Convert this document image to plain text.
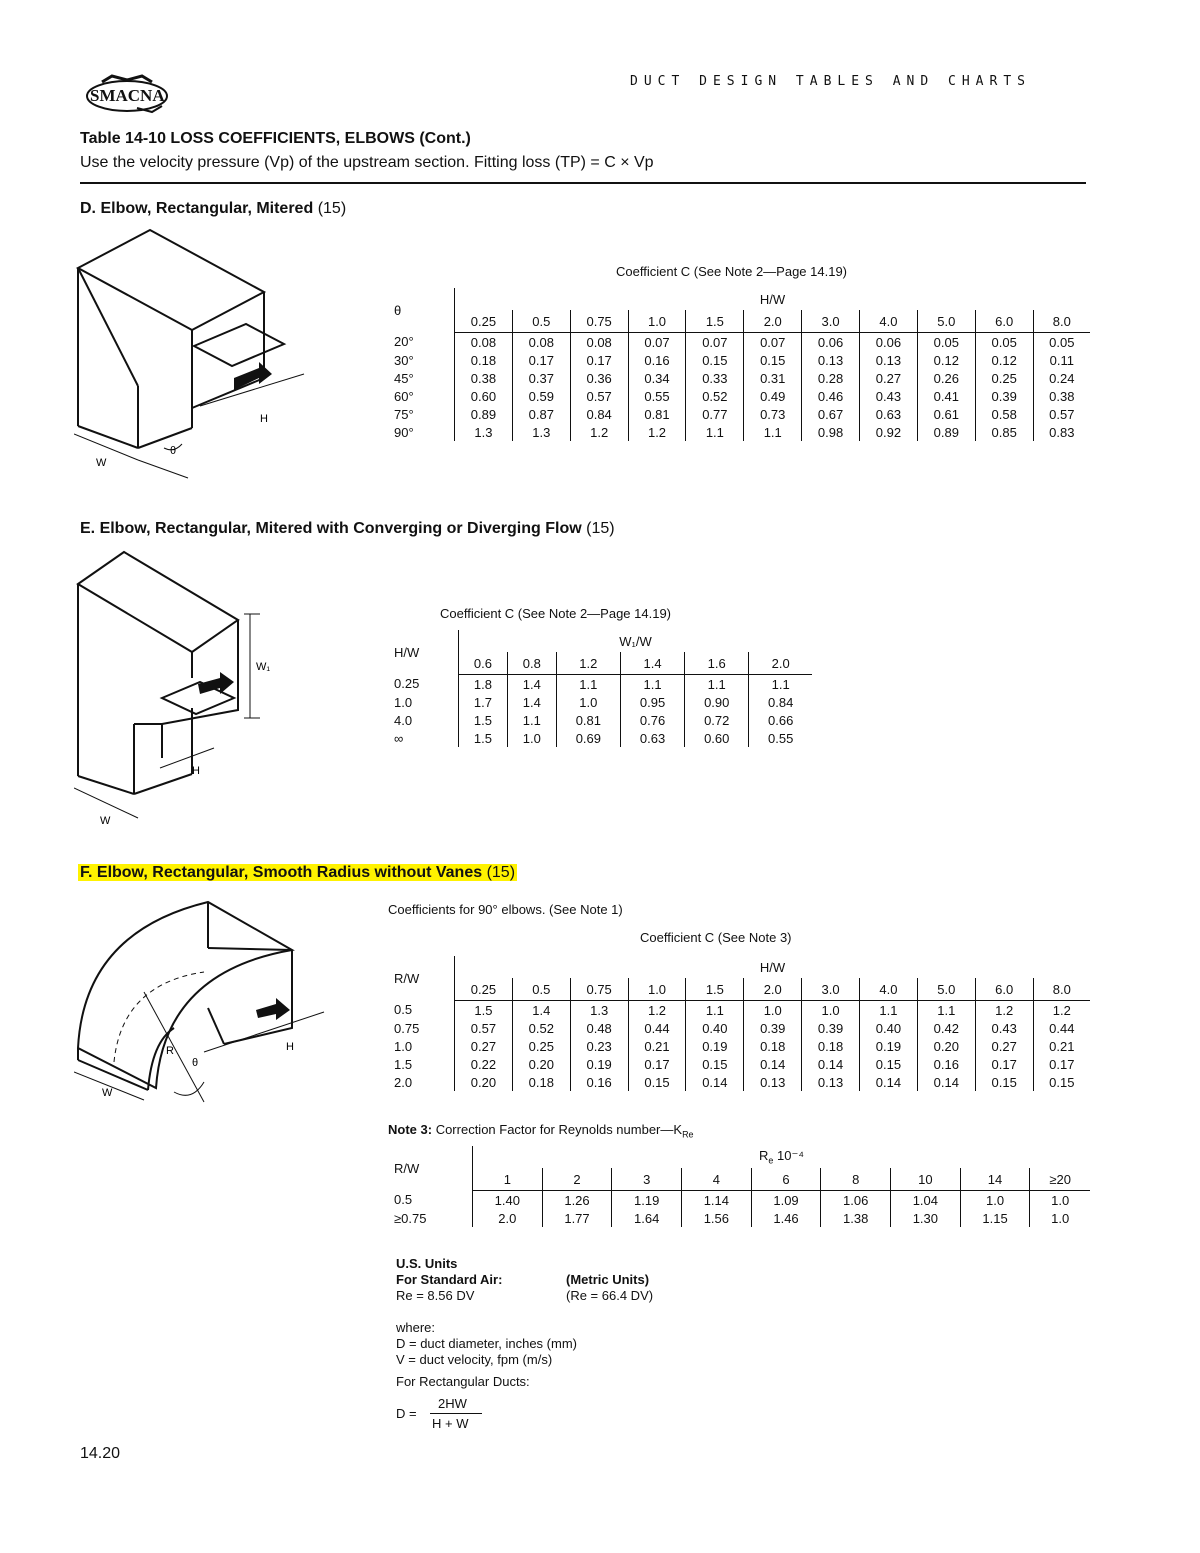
SMACNA
DUCT DESIGN TABLES AND CHARTS
Table 14-10 LOSS COEFFICIENTS, ELBOWS (Cont.)
Use the velocity pressure (Vp) of the upstream section. Fitting loss (TP) = C × Vp
D. Elbow, Rectangular, Mitered (15)
W
H
θ
Coefficient C (See Note 2—Page 14.19)
θ	H/W										
	0.25	0.5	0.75	1.0	1.5	2.0	3.0	4.0	5.0	6.0	8.0
20°	0.08	0.08	0.08	0.07	0.07	0.07	0.06	0.06	0.05	0.05	0.05
30°	0.18	0.17	0.17	0.16	0.15	0.15	0.13	0.13	0.12	0.12	0.11
45°	0.38	0.37	0.36	0.34	0.33	0.31	0.28	0.27	0.26	0.25	0.24
60°	0.60	0.59	0.57	0.55	0.52	0.49	0.46	0.43	0.41	0.39	0.38
75°	0.89	0.87	0.84	0.81	0.77	0.73	0.67	0.63	0.61	0.58	0.57
90°	1.3	1.3	1.2	1.2	1.1	1.1	0.98	0.92	0.89	0.85	0.83
E. Elbow, Rectangular, Mitered with Converging or Diverging Flow (15)
W₁
H
W
Coefficient C (See Note 2—Page 14.19)
H/W	W₁/W					
	0.6	0.8	1.2	1.4	1.6	2.0
0.25	1.8	1.4	1.1	1.1	1.1	1.1
1.0	1.7	1.4	1.0	0.95	0.90	0.84
4.0	1.5	1.1	0.81	0.76	0.72	0.66
∞	1.5	1.0	0.69	0.63	0.60	0.55
F. Elbow, Rectangular, Smooth Radius without Vanes (15)
R
θ
H
W
Coefficients for 90° elbows. (See Note 1)
Coefficient C (See Note 3)
R/W	H/W										
	0.25	0.5	0.75	1.0	1.5	2.0	3.0	4.0	5.0	6.0	8.0
0.5	1.5	1.4	1.3	1.2	1.1	1.0	1.0	1.1	1.1	1.2	1.2
0.75	0.57	0.52	0.48	0.44	0.40	0.39	0.39	0.40	0.42	0.43	0.44
1.0	0.27	0.25	0.23	0.21	0.19	0.18	0.18	0.19	0.20	0.27	0.21
1.5	0.22	0.20	0.19	0.17	0.15	0.14	0.14	0.15	0.16	0.17	0.17
2.0	0.20	0.18	0.16	0.15	0.14	0.13	0.13	0.14	0.14	0.15	0.15
Note 3: Correction Factor for Reynolds $number—K_{Re}$
R/W	$R_e$ 10⁻⁴								
	1	2	3	4	6	8	10	14	≥20
0.5	1.40	1.26	1.19	1.14	1.09	1.06	1.04	1.0	1.0
≥0.75	2.0	1.77	1.64	1.56	1.46	1.38	1.30	1.15	1.0
U.S. Units
For Standard Air:
Re = 8.56 DV
(Metric Units)
(Re = 66.4 DV)
where:
D = duct diameter, inches (mm)
V = duct velocity, fpm (m/s)
For Rectangular Ducts:
D =
2HW
H + W
14.20
